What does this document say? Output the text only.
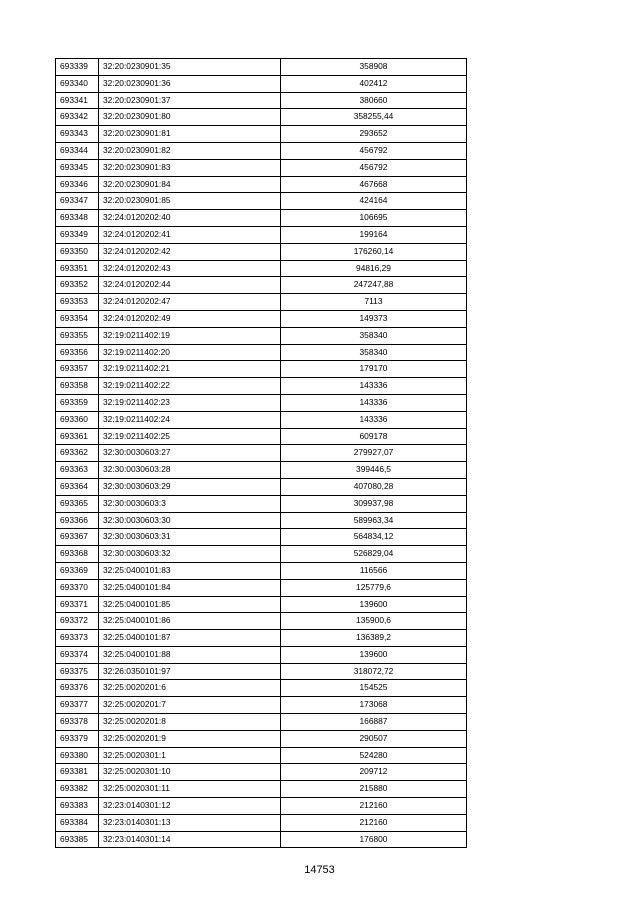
693339	32:20:0230901:35	358908
693340	32:20:0230901:36	402412
693341	32:20:0230901:37	380660
693342	32:20:0230901:80	358255,44
693343	32:20:0230901:81	293652
693344	32:20:0230901:82	456792
693345	32:20:0230901:83	456792
693346	32:20:0230901:84	467668
693347	32:20:0230901:85	424164
693348	32:24:0120202:40	106695
693349	32:24:0120202:41	199164
693350	32:24:0120202:42	176260,14
693351	32:24:0120202:43	94816,29
693352	32:24:0120202:44	247247,88
693353	32:24:0120202:47	7113
693354	32:24:0120202:49	149373
693355	32:19:0211402:19	358340
693356	32:19:0211402:20	358340
693357	32:19:0211402:21	179170
693358	32:19:0211402:22	143336
693359	32:19:0211402:23	143336
693360	32:19:0211402:24	143336
693361	32:19:0211402:25	609178
693362	32:30:0030603:27	279927,07
693363	32:30:0030603:28	399446,5
693364	32:30:0030603:29	407080,28
693365	32:30:0030603:3	309937,98
693366	32:30:0030603:30	589963,34
693367	32:30:0030603:31	564834,12
693368	32:30:0030603:32	526829,04
693369	32:25:0400101:83	116566
693370	32:25:0400101:84	125779,6
693371	32:25:0400101:85	139600
693372	32:25:0400101:86	135900,6
693373	32:25:0400101:87	136389,2
693374	32:25:0400101:88	139600
693375	32:26:0350101:97	318072,72
693376	32:25:0020201:6	154525
693377	32:25:0020201:7	173068
693378	32:25:0020201:8	166887
693379	32:25:0020201:9	290507
693380	32:25:0020301:1	524280
693381	32:25:0020301:10	209712
693382	32:25:0020301:11	215880
693383	32:23:0140301:12	212160
693384	32:23:0140301:13	212160
693385	32:23:0140301:14	176800
14753
